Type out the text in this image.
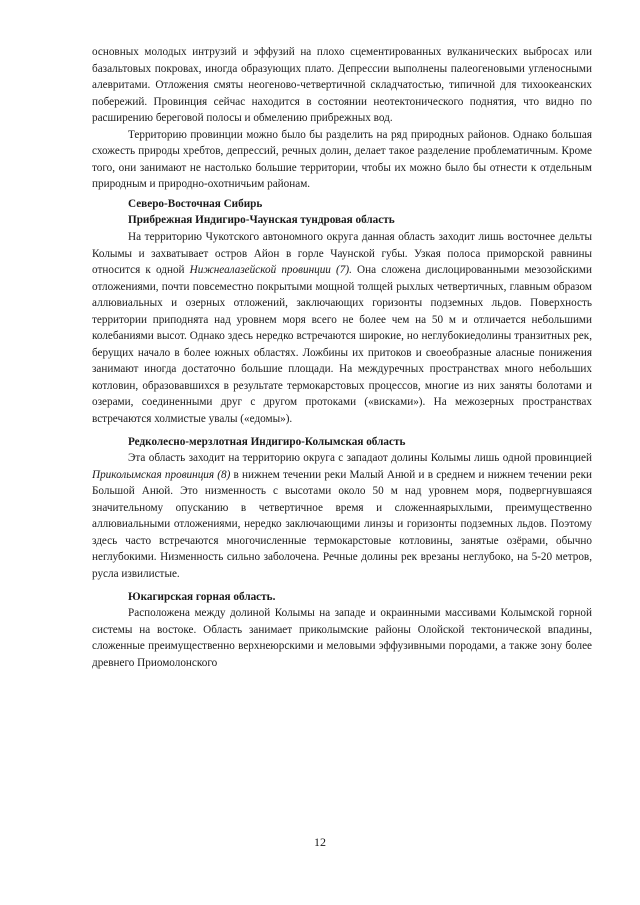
основных молодых интрузий и эффузий на плохо сцементированных вулканических выбросах или базальтовых покровах, иногда образующих плато. Депрессии выполнены палеогеновыми угленосными алевритами. Отложения смяты неогеново-четвертичной складчатостью, типичной для тихоокеанских побережий. Провинция сейчас находится в состоянии неотектонического поднятия, что видно по расширению береговой полосы и обмелению прибрежных вод.

Территорию провинции можно было бы разделить на ряд природных районов. Однако большая схожесть природы хребтов, депрессий, речных долин, делает такое разделение проблематичным. Кроме того, они занимают не настолько большие территории, чтобы их можно было бы отнести к отдельным природным и природно-охотничьим районам.

Северо-Восточная Сибирь

Прибрежная Индигиро-Чаунская тундровая область

На территорию Чукотского автономного округа данная область заходит лишь восточнее дельты Колымы и захватывает остров Айон в горле Чаунской губы. Узкая полоса приморской равнины относится к одной Нижнеалазейской провинции (7). Она сложена дислоцированными мезозойскими отложениями, почти повсеместно покрытыми мощной толщей рыхлых четвертичных, главным образом аллювиальных и озерных отложений, заключающих горизонты подземных льдов. Поверхность территории приподнята над уровнем моря всего не более чем на 50 м и отличается небольшими колебаниями высот. Однако здесь нередко встречаются широкие, но неглубокиедолины транзитных рек, берущих начало в более южных областях. Ложбины их притоков и своеобразные аласные понижения занимают иногда достаточно большие площади. На междуречных пространствах много небольших котловин, образовавшихся в результате термокарстовых процессов, многие из них заняты болотами и озерами, соединенными друг с другом протоками («висками»). На межозерных пространствах встречаются холмистые увалы («едомы»).

Редколесно-мерзлотная Индигиро-Колымская область

Эта область заходит на территорию округа с западаот долины Колымы лишь одной провинцией Приколымская провинция (8) в нижнем течении реки Малый Анюй и в среднем и нижнем течении реки Большой Анюй. Это низменность с высотами около 50 м над уровнем моря, подвергнувшаяся значительному опусканию в четвертичное время и сложеннаярыхлыми, преимущественно аллювиальными отложениями, нередко заключающими линзы и горизонты подземных льдов. Поэтому здесь часто встречаются многочисленные термокарстовые котловины, занятые озёрами, обычно неглубокими. Низменность сильно заболочена. Речные долины рек врезаны неглубоко, на 5-20 метров, русла извилистые.

Юкагирская горная область.

Расположена между долиной Колымы на западе и окраинными массивами Колымской горной системы на востоке. Область занимает приколымские районы Олойской тектонической впадины, сложенные преимущественно верхнеюрскими и меловыми эффузивными породами, а также зону более древнего Приомолонского

12
